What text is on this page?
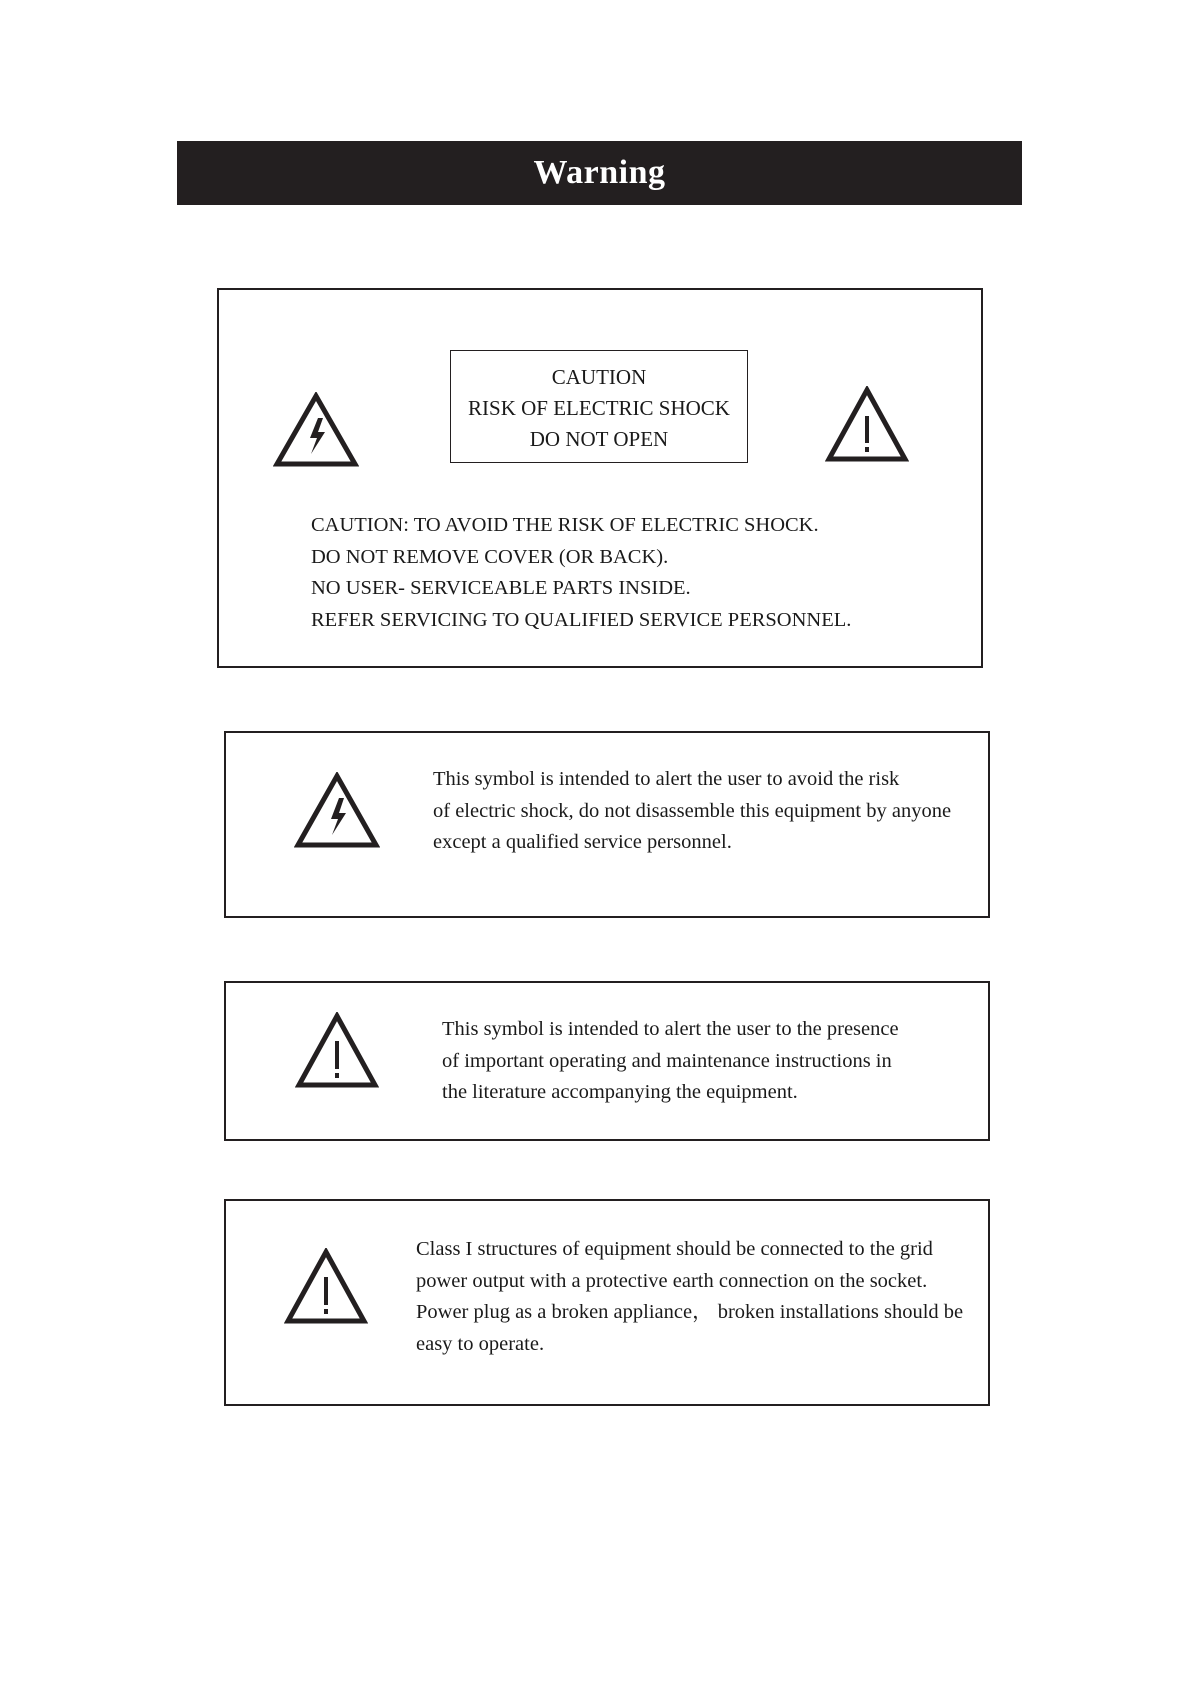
Warning
CAUTION
RISK OF ELECTRIC SHOCK
DO NOT OPEN
CAUTION: TO AVOID THE RISK OF ELECTRIC SHOCK.
DO NOT REMOVE COVER (OR BACK).
NO USER- SERVICEABLE PARTS INSIDE.
REFER SERVICING TO QUALIFIED SERVICE PERSONNEL.
This symbol is intended to alert the user to avoid the risk
of electric shock, do not disassemble this equipment by anyone
except a qualified service personnel.
This symbol is intended to alert the user to the presence
of important operating and maintenance instructions in
the literature accompanying the equipment.
Class I structures of equipment should be connected to the grid
power output with a protective earth connection on the socket.
Power plug as a broken appliance， broken installations should be
easy to operate.
